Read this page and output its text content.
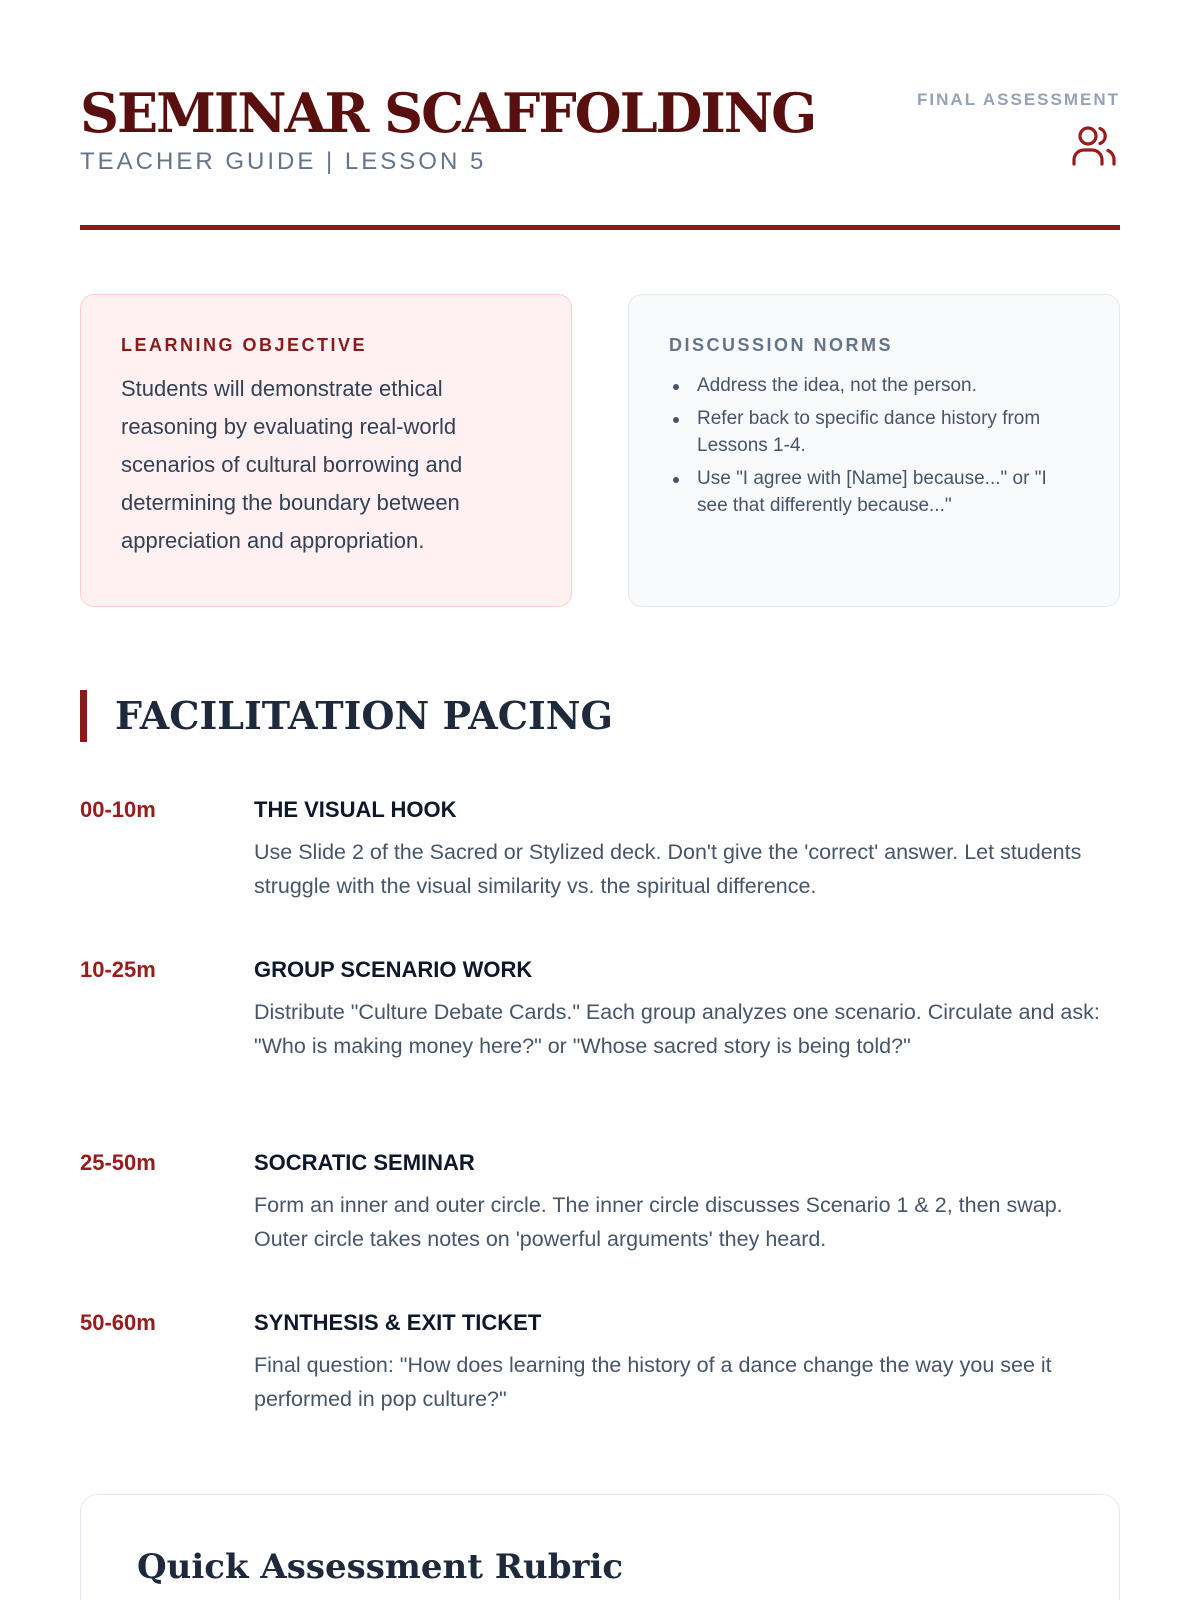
SEMINAR SCAFFOLDING
TEACHER GUIDE | LESSON 5
FINAL ASSESSMENT
LEARNING OBJECTIVE

Students will demonstrate ethical reasoning by evaluating real-world scenarios of cultural borrowing and determining the boundary between appreciation and appropriation.

DISCUSSION NORMS
Address the idea, not the person.
Refer back to specific dance history from Lessons 1-4.
Use "I agree with [Name] because..." or "I see that differently because..."
FACILITATION PACING
00-10m	THE VISUAL HOOK

Use Slide 2 of the Sacred or Stylized deck. Don't give the 'correct' answer. Let students struggle with the visual similarity vs. the spiritual difference.

10-25m	GROUP SCENARIO WORK

Distribute "Culture Debate Cards." Each group analyzes one scenario. Circulate and ask: "Who is making money here?" or "Whose sacred story is being told?"

25-50m	SOCRATIC SEMINAR

Form an inner and outer circle. The inner circle discusses Scenario 1 & 2, then swap. Outer circle takes notes on 'powerful arguments' they heard.

50-60m	SYNTHESIS & EXIT TICKET

Final question: "How does learning the history of a dance change the way you see it performed in pop culture?"

Quick Assessment Rubric
